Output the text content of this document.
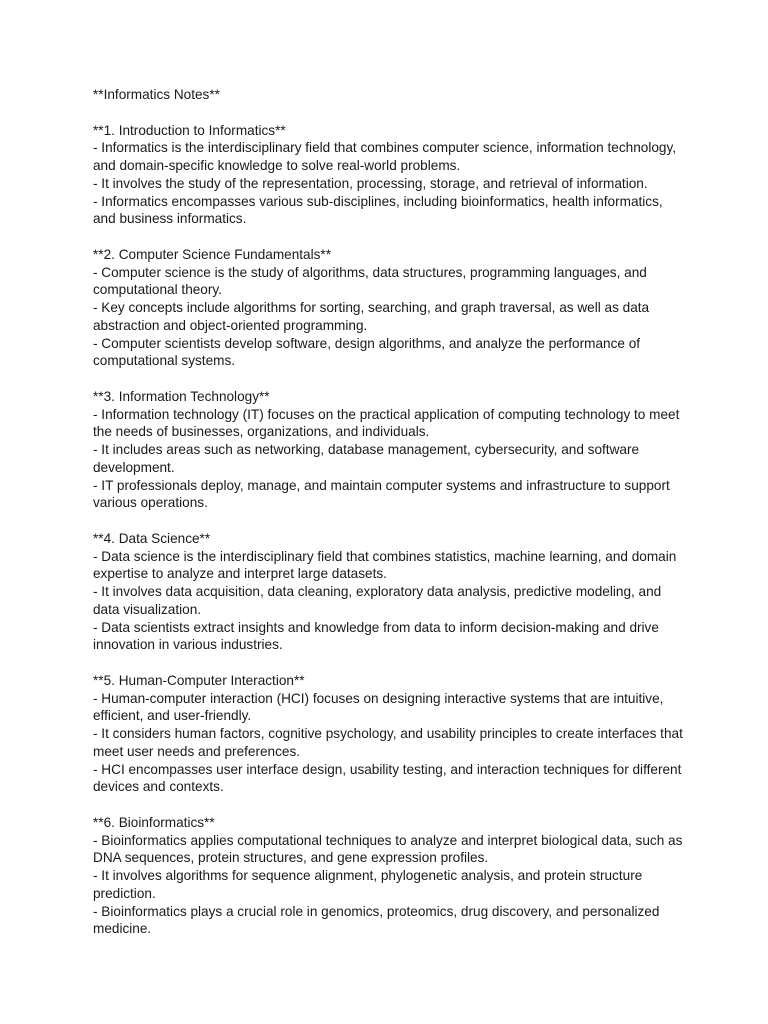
**Informatics Notes**
**1. Introduction to Informatics**

- Informatics is the interdisciplinary field that combines computer science, information technology, and domain-specific knowledge to solve real-world problems.

- It involves the study of the representation, processing, storage, and retrieval of information.

- Informatics encompasses various sub-disciplines, including bioinformatics, health informatics, and business informatics.

**2. Computer Science Fundamentals**

- Computer science is the study of algorithms, data structures, programming languages, and computational theory.

- Key concepts include algorithms for sorting, searching, and graph traversal, as well as data abstraction and object-oriented programming.

- Computer scientists develop software, design algorithms, and analyze the performance of computational systems.

**3. Information Technology**

- Information technology (IT) focuses on the practical application of computing technology to meet the needs of businesses, organizations, and individuals.

- It includes areas such as networking, database management, cybersecurity, and software development.

- IT professionals deploy, manage, and maintain computer systems and infrastructure to support various operations.

**4. Data Science**

- Data science is the interdisciplinary field that combines statistics, machine learning, and domain expertise to analyze and interpret large datasets.

- It involves data acquisition, data cleaning, exploratory data analysis, predictive modeling, and data visualization.

- Data scientists extract insights and knowledge from data to inform decision-making and drive innovation in various industries.

**5. Human-Computer Interaction**

- Human-computer interaction (HCI) focuses on designing interactive systems that are intuitive, efficient, and user-friendly.

- It considers human factors, cognitive psychology, and usability principles to create interfaces that meet user needs and preferences.

- HCI encompasses user interface design, usability testing, and interaction techniques for different devices and contexts.

**6. Bioinformatics**

- Bioinformatics applies computational techniques to analyze and interpret biological data, such as DNA sequences, protein structures, and gene expression profiles.

- It involves algorithms for sequence alignment, phylogenetic analysis, and protein structure prediction.

- Bioinformatics plays a crucial role in genomics, proteomics, drug discovery, and personalized medicine.
